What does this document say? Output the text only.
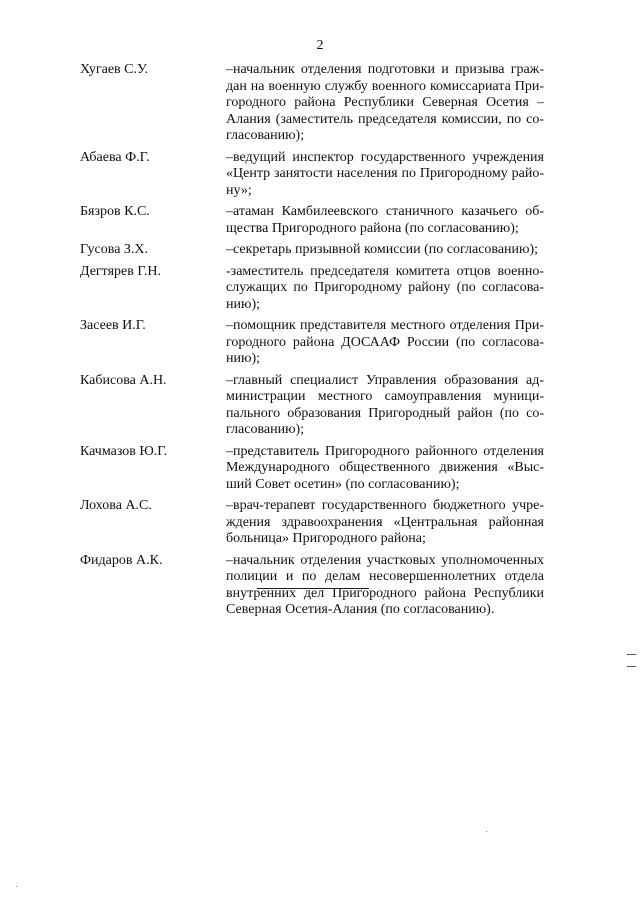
2
Хугаев С.У.	–начальник отделения подготовки и призыва граж-
дан на военную службу военного комиссариата При-
городного района Республики Северная Осетия –
Алания (заместитель председателя комиссии, по со-
гласованию);
Абаева Ф.Г.	–ведущий инспектор государственного учреждения
«Центр занятости населения по Пригородному райо-
ну»;
Бязров К.С.	–атаман Камбилеевского станичного казачьего об-
щества Пригородного района (по согласованию);
Гусова З.Х.	–секретарь призывной комиссии (по согласованию);
Дегтярев Г.Н.	-заместитель председателя комитета отцов военно-
служащих по Пригородному району (по согласова-
нию);
Засеев И.Г.	–помощник представителя местного отделения При-
городного района ДОСААФ России (по согласова-
нию);
Кабисова А.Н.	–главный специалист Управления образования ад-
министрации местного самоуправления муници-
пального образования Пригородный район (по со-
гласованию);
Качмазов Ю.Г.	–представитель Пригородного районного отделения
Международного общественного движения «Выс-
ший Совет осетин» (по согласованию);
Лохова А.С.	–врач-терапевт государственного бюджетного учре-
ждения здравоохранения «Центральная районная
больница» Пригородного района;
Фидаров А.К.	–начальник отделения участковых уполномоченных
полиции и по делам несовершеннолетних отдела
внутренних дел Пригородного района Республики
Северная Осетия-Алания (по согласованию).
